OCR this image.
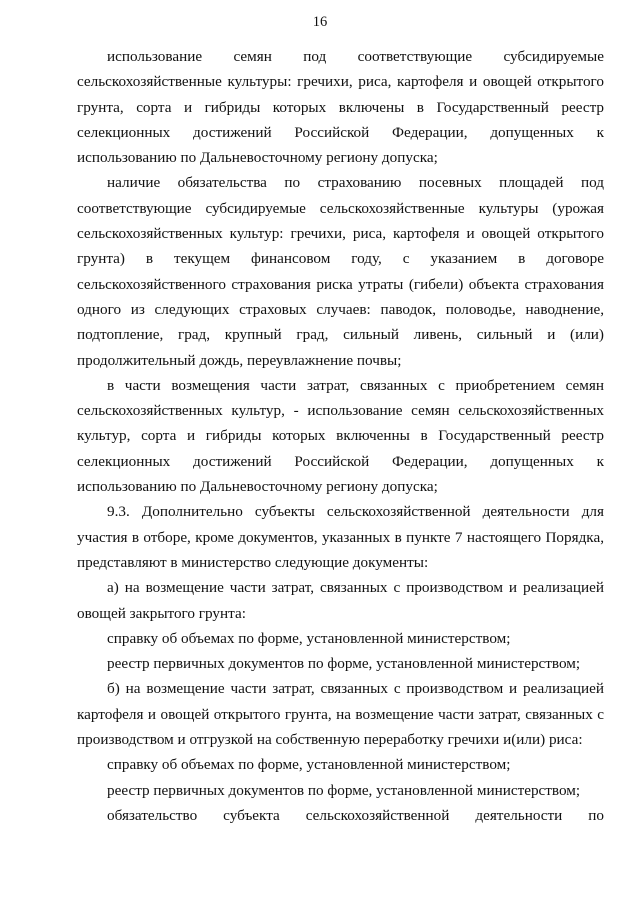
16

использование семян под соответствующие субсидируемые сельскохозяйственные культуры: гречихи, риса, картофеля и овощей открытого грунта, сорта и гибриды которых включены в Государственный реестр селекционных достижений Российской Федерации, допущенных к использованию по Дальневосточному региону допуска;

наличие обязательства по страхованию посевных площадей под соответствующие субсидируемые сельскохозяйственные культуры (урожая сельскохозяйственных культур: гречихи, риса, картофеля и овощей открытого грунта) в текущем финансовом году, с указанием в договоре сельскохозяйственного страхования риска утраты (гибели) объекта страхования одного из следующих страховых случаев: паводок, половодье, наводнение, подтопление, град, крупный град, сильный ливень, сильный и (или) продолжительный дождь, переувлажнение почвы;

в части возмещения части затрат, связанных с приобретением семян сельскохозяйственных культур, - использование семян сельскохозяйственных культур, сорта и гибриды которых включенны в Государственный реестр селекционных достижений Российской Федерации, допущенных к использованию по Дальневосточному региону допуска;

9.3. Дополнительно субъекты сельскохозяйственной деятельности для участия в отборе, кроме документов, указанных в пункте 7 настоящего Порядка, представляют в министерство следующие документы:

а) на возмещение части затрат, связанных с производством и реализацией овощей закрытого грунта:

справку об объемах по форме, установленной министерством;

реестр первичных документов по форме, установленной министерством;

б) на возмещение части затрат, связанных с производством и реализацией картофеля и овощей открытого грунта, на возмещение части затрат, связанных с производством и отгрузкой на собственную переработку гречихи и(или) риса:

справку об объемах по форме, установленной министерством;

реестр первичных документов по форме, установленной министерством;

обязательство субъекта сельскохозяйственной деятельности по
